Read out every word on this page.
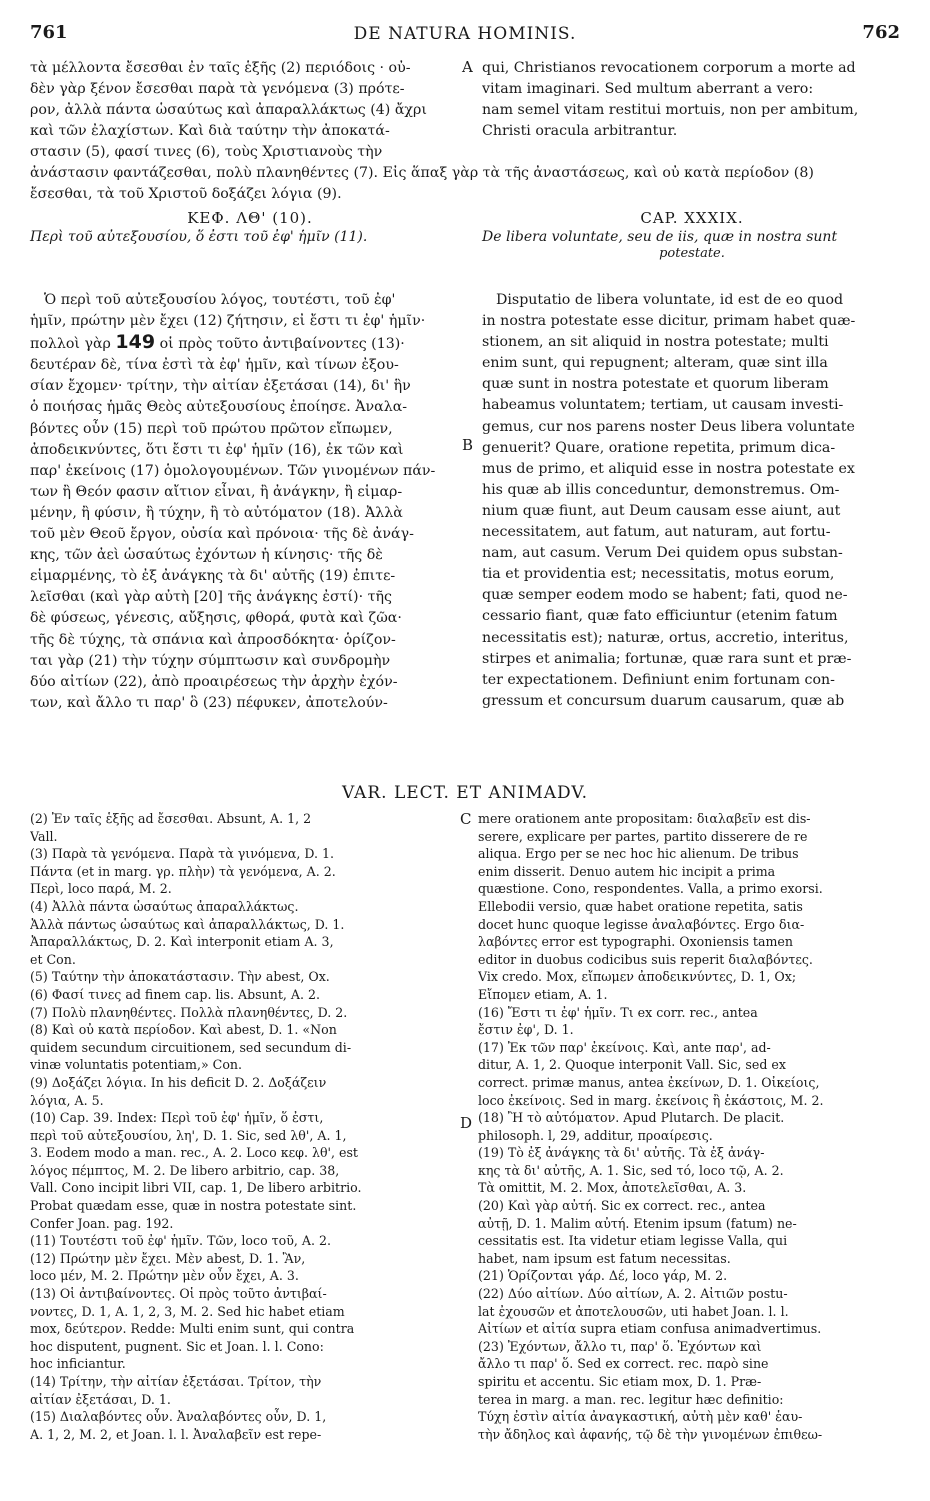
761	DE NATURA HOMINIS.	762
τὰ μέλλοντα ἔσεσθαι ἐν ταῖς ἑξῆς (2) περιόδοις · οὐ-
δὲν γὰρ ξένον ἔσεσθαι παρὰ τὰ γενόμενα (3) πρότε-
ρον, ἀλλὰ πάντα ὡσαύτως καὶ ἀπαραλλάκτως (4) ἄχρι
καὶ τῶν ἐλαχίστων. Καὶ διὰ ταύτην τὴν ἀποκατά-
στασιν (5), φασί τινες (6), τοὺς Χριστιανοὺς τὴν
A qui, Christianos revocationem corporum a morte ad
vitam imaginari. Sed multum aberrant a vero:
nam semel vitam restitui mortuis, non per ambitum,
Christi oracula arbitrantur.
ἀνάστασιν φαντάζεσθαι, πολὺ πλανηθέντες (7). Εἰς ἅπαξ γὰρ τὰ τῆς ἀναστάσεως, καὶ οὐ κατὰ περίοδον (8)
ἔσεσθαι, τὰ τοῦ Χριστοῦ δοξάζει λόγια (9).
ΚΕΦ. ΛΘ' (10).
Περὶ τοῦ αὐτεξουσίου, ὅ ἐστι τοῦ ἐφ' ἡμῖν (11).
CAP. XXXIX.
De libera voluntate, seu de iis, quæ in nostra sunt
potestate.
Ὁ περὶ τοῦ αὐτεξουσίου λόγος, τουτέστι, τοῦ ἐφ'
ἡμῖν, πρώτην μὲν ἔχει (12) ζήτησιν, εἰ ἔστι τι ἐφ' ἡμῖν·
πολλοὶ γὰρ 149 οἱ πρὸς τοῦτο ἀντιβαίνοντες (13)·
δευτέραν δὲ, τίνα ἐστὶ τὰ ἐφ' ἡμῖν, καὶ τίνων ἐξου-
σίαν ἔχομεν· τρίτην, τὴν αἰτίαν ἐξετάσαι (14), δι' ἣν
ὁ ποιήσας ἡμᾶς Θεὸς αὐτεξουσίους ἐποίησε. Ἀναλα-
βόντες οὖν (15) περὶ τοῦ πρώτου πρῶτον εἴπωμεν,
ἀποδεικνύντες, ὅτι ἔστι τι ἐφ' ἡμῖν (16), ἐκ τῶν καὶ
παρ' ἐκείνοις (17) ὁμολογουμένων. Τῶν γινομένων πάν-
των ἢ Θεόν φασιν αἴτιον εἶναι, ἢ ἀνάγκην, ἢ εἱμαρ-
μένην, ἢ φύσιν, ἢ τύχην, ἢ τὸ αὐτόματον (18). Ἀλλὰ
τοῦ μὲν Θεοῦ ἔργον, οὐσία καὶ πρόνοια· τῆς δὲ ἀνάγ-
κης, τῶν ἀεὶ ὡσαύτως ἐχόντων ἡ κίνησις· τῆς δὲ
εἱμαρμένης, τὸ ἐξ ἀνάγκης τὰ δι' αὐτῆς (19) ἐπιτε-
λεῖσθαι (καὶ γὰρ αὐτὴ [20] τῆς ἀνάγκης ἐστί)· τῆς
δὲ φύσεως, γένεσις, αὔξησις, φθορά, φυτὰ καὶ ζῶα·
τῆς δὲ τύχης, τὰ σπάνια καὶ ἀπροσδόκητα· ὁρίζον-
ται γὰρ (21) τὴν τύχην σύμπτωσιν καὶ συνδρομὴν
δύο αἰτίων (22), ἀπὸ προαιρέσεως τὴν ἀρχὴν ἐχόν-
των, καὶ ἄλλο τι παρ' ὃ (23) πέφυκεν, ἀποτελούν-
B
Disputatio de libera voluntate, id est de eo quod
in nostra potestate esse dicitur, primam habet quæ-
stionem, an sit aliquid in nostra potestate; multi
enim sunt, qui repugnent; alteram, quæ sint illa
quæ sunt in nostra potestate et quorum liberam
habeamus voluntatem; tertiam, ut causam investi-
gemus, cur nos parens noster Deus libera voluntate
genuerit? Quare, oratione repetita, primum dica-
mus de primo, et aliquid esse in nostra potestate ex
his quæ ab illis conceduntur, demonstremus. Om-
nium quæ fiunt, aut Deum causam esse aiunt, aut
necessitatem, aut fatum, aut naturam, aut fortu-
nam, aut casum. Verum Dei quidem opus substan-
tia et providentia est; necessitatis, motus eorum,
quæ semper eodem modo se habent; fati, quod ne-
cessario fiant, quæ fato efficiuntur (etenim fatum
necessitatis est); naturæ, ortus, accretio, interitus,
stirpes et animalia; fortunæ, quæ rara sunt et præ-
ter expectationem. Definiunt enim fortunam con-
gressum et concursum duarum causarum, quæ ab
VAR. LECT. ET ANIMADV.
(2) Ἐν ταῖς ἑξῆς ad ἔσεσθαι. Absunt, A. 1, 2
Vall.
(3) Παρὰ τὰ γενόμενα. Παρὰ τὰ γινόμενα, D. 1.
Πάντα (et in marg. γρ. πλὴν) τὰ γενόμενα, A. 2.
Περὶ, loco παρά, M. 2.
(4) Ἀλλὰ πάντα ὡσαύτως ἀπαραλλάκτως.
Ἀλλὰ πάντως ὡσαύτως καὶ ἀπαραλλάκτως, D. 1.
Ἀπαραλλάκτως, D. 2. Καὶ interponit etiam A. 3,
et Con.
(5) Ταύτην τὴν ἀποκατάστασιν. Τὴν abest, Ox.
(6) Φασί τινες ad finem cap. lis. Absunt, A. 2.
(7) Πολὺ πλανηθέντες. Πολλὰ πλανηθέντες, D. 2.
(8) Καὶ οὐ κατὰ περίοδον. Καὶ abest, D. 1. «Non
quidem secundum circuitionem, sed secundum di-
vinæ voluntatis potentiam,» Con.
(9) Δοξάζει λόγια. In his deficit D. 2. Δοξάζειν
λόγια, A. 5.
(10) Cap. 39. Index: Περὶ τοῦ ἐφ' ἡμῖν, ὅ ἐστι,
περὶ τοῦ αὐτεξουσίου, λη', D. 1. Sic, sed λθ', A. 1,
3. Eodem modo a man. rec., A. 2. Loco κεφ. λθ', est
λόγος πέμπτος, M. 2. De libero arbitrio, cap. 38,
Vall. Cono incipit libri VII, cap. 1, De libero arbitrio.
Probat quædam esse, quæ in nostra potestate sint.
Confer Joan. pag. 192.
(11) Τουτέστι τοῦ ἐφ' ἡμῖν. Τῶν, loco τοῦ, A. 2.
(12) Πρώτην μὲν ἔχει. Μὲν abest, D. 1. Ἂν,
loco μέν, M. 2. Πρώτην μὲν οὖν ἔχει, A. 3.
(13) Οἱ ἀντιβαίνοντες. Οἱ πρὸς τοῦτο ἀντιβαί-
νοντες, D. 1, A. 1, 2, 3, M. 2. Sed hic habet etiam
mox, δεύτερον. Redde: Multi enim sunt, qui contra
hoc disputent, pugnent. Sic et Joan. l. l. Cono:
hoc inficiantur.
(14) Τρίτην, τὴν αἰτίαν ἐξετάσαι. Τρίτον, τὴν
αἰτίαν ἐξετάσαι, D. 1.
(15) Διαλαβόντες οὖν. Ἀναλαβόντες οὖν, D. 1,
A. 1, 2, M. 2, et Joan. l. l. Ἀναλαβεῖν est repe-
C
D
mere orationem ante propositam: διαλαβεῖν est dis-
serere, explicare per partes, partito disserere de re
aliqua. Ergo per se nec hoc hic alienum. De tribus
enim disserit. Denuo autem hic incipit a prima
quæstione. Cono, respondentes. Valla, a primo exorsi.
Ellebodii versio, quæ habet oratione repetita, satis
docet hunc quoque legisse ἀναλαβόντες. Ergo δια-
λαβόντες error est typographi. Oxoniensis tamen
editor in duobus codicibus suis reperit διαλαβόντες.
Vix credo. Mox, εἴπωμεν ἀποδεικνύντες, D. 1, Ox;
Εἴπομεν etiam, A. 1.
(16) Ἔστι τι ἐφ' ἡμῖν. Τι ex corr. rec., antea
ἔστιν ἐφ', D. 1.
(17) Ἐκ τῶν παρ' ἐκείνοις. Καὶ, ante παρ', ad-
ditur, A. 1, 2. Quoque interponit Vall. Sic, sed ex
correct. primæ manus, antea ἐκείνων, D. 1. Οἰκείοις,
loco ἐκείνοις. Sed in marg. ἐκείνοις ἢ ἑκάστοις, M. 2.
(18) Ἢ τὸ αὐτόματον. Apud Plutarch. De placit.
philosoph. l, 29, additur, προαίρεσις.
(19) Τὸ ἐξ ἀνάγκης τὰ δι' αὐτῆς. Τὰ ἐξ ἀνάγ-
κης τὰ δι' αὐτῆς, A. 1. Sic, sed τό, loco τῷ, A. 2.
Τὰ omittit, M. 2. Mox, ἀποτελεῖσθαι, A. 3.
(20) Καὶ γὰρ αὐτή. Sic ex correct. rec., antea
αὐτῇ, D. 1. Malim αὐτή. Etenim ipsum (fatum) ne-
cessitatis est. Ita videtur etiam legisse Valla, qui
habet, nam ipsum est fatum necessitas.
(21) Ὁρίζονται γάρ. Δέ, loco γάρ, M. 2.
(22) Δύο αἰτίων. Δύο αἰτίων, A. 2. Αἰτιῶν postu-
lat ἐχουσῶν et ἀποτελουσῶν, uti habet Joan. l. l.
Αἰτίων et αἰτία supra etiam confusa animadvertimus.
(23) Ἐχόντων, ἄλλο τι, παρ' ὅ. Ἐχόντων καὶ
ἄλλο τι παρ' ὅ. Sed ex correct. rec. παρὸ sine
spiritu et accentu. Sic etiam mox, D. 1. Præ-
terea in marg. a man. rec. legitur hæc definitio:
Τύχη ἐστὶν αἰτία ἀναγκαστική, αὐτὴ μὲν καθ' ἑαυ-
τὴν ἄδηλος καὶ ἀφανής, τῷ δὲ τὴν γινομένων ἐπιθεω-
